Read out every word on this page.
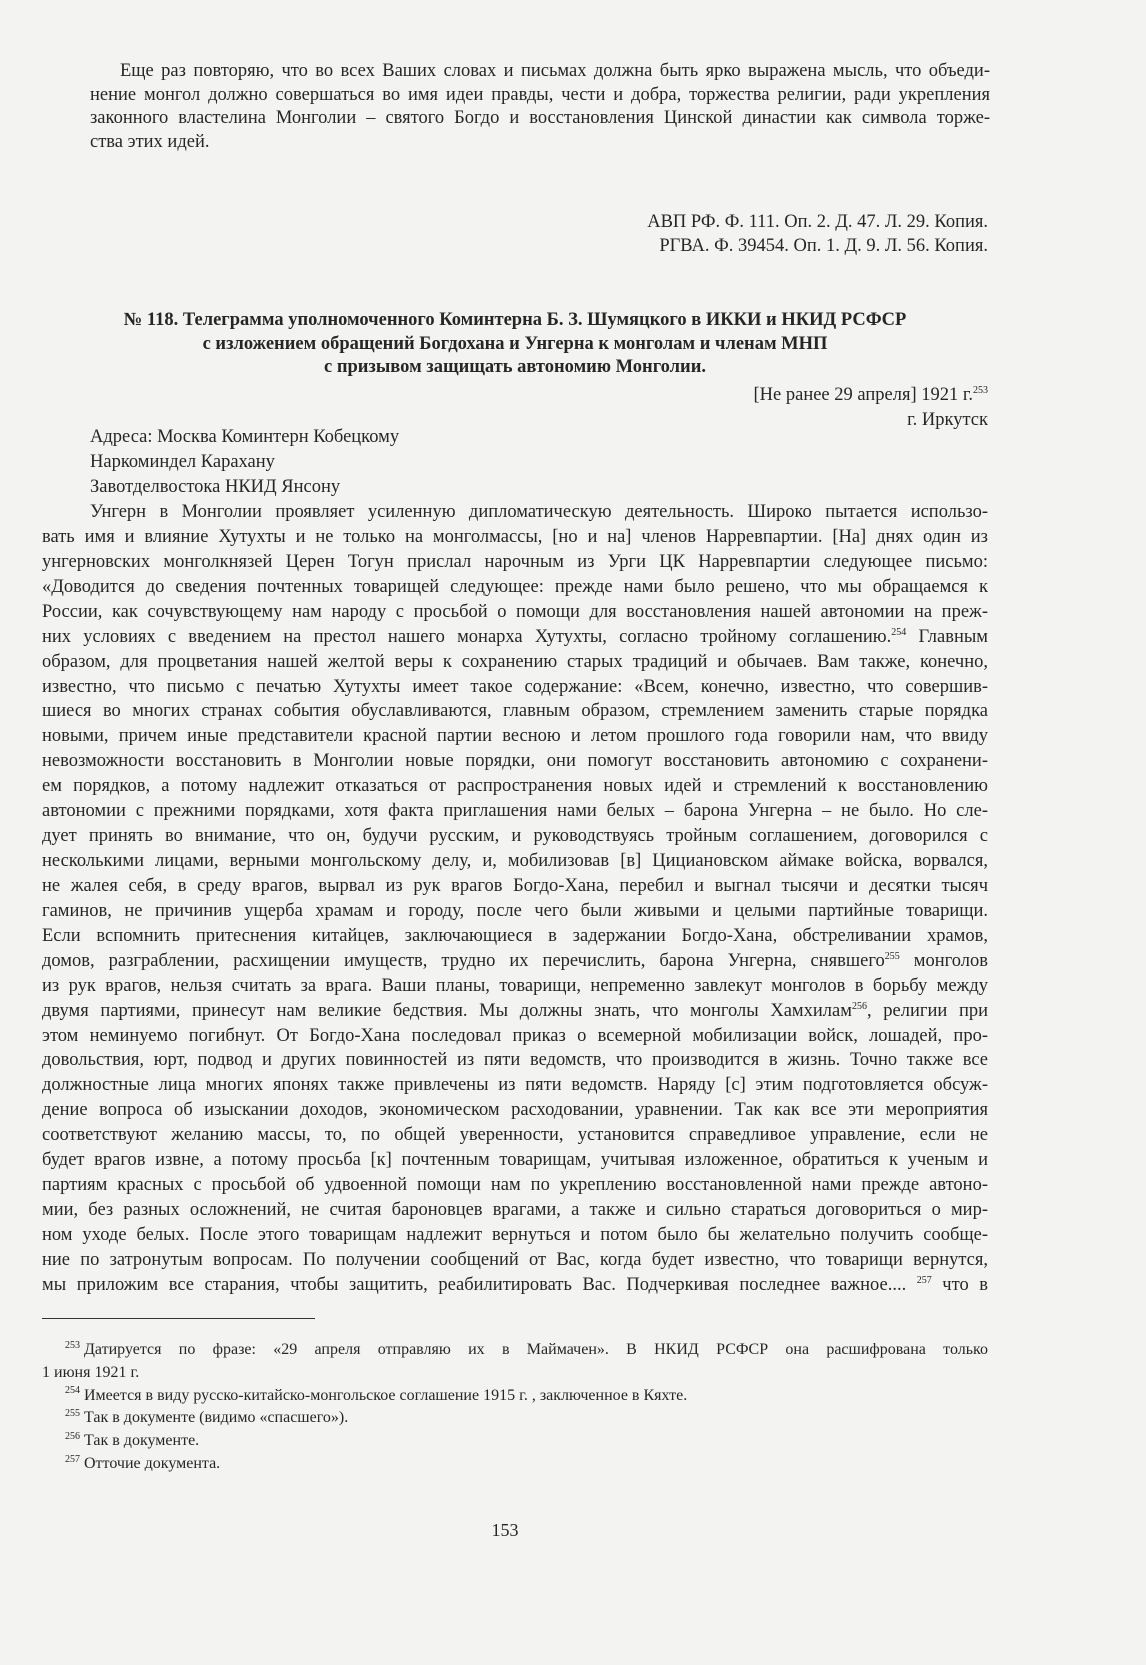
Еще раз повторяю, что во всех Ваших словах и письмах должна быть ярко выражена мысль, что объеди-
нение монгол должно совершаться во имя идеи правды, чести и добра, торжества религии, ради укрепления
законного властелина Монголии – святого Богдо и восстановления Цинской династии как символа торже-
ства этих идей.
АВП РФ. Ф. 111. Оп. 2. Д. 47. Л. 29. Копия.
РГВА. Ф. 39454. Оп. 1. Д. 9. Л. 56. Копия.
№ 118. Телеграмма уполномоченного Коминтерна Б. З. Шумяцкого в ИККИ и НКИД РСФСР
с изложением обращений Богдохана и Унгерна к монголам и членам МНП
с призывом защищать автономию Монголии.
[Не ранее 29 апреля] 1921 г.$^{253}$
г. Иркутск
Адреса: Москва Коминтерн Кобецкому
Наркоминдел Карахану
Завотделвостока НКИД Янсону
Унгерн в Монголии проявляет усиленную дипломатическую деятельность. Широко пытается использо-
вать имя и влияние Хутухты и не только на монголмассы, [но и на] членов Нарревпартии. [На] днях один из
унгерновских монголкнязей Церен Тогун прислал нарочным из Урги ЦК Нарревпартии следующее письмо:
«Доводится до сведения почтенных товарищей следующее: прежде нами было решено, что мы обращаемся к
России, как сочувствующему нам народу с просьбой о помощи для восстановления нашей автономии на преж-
них условиях с введением на престол нашего монарха Хутухты, согласно тройному соглашению.$^{254}$ Главным
образом, для процветания нашей желтой веры к сохранению старых традиций и обычаев. Вам также, конечно,
известно, что письмо с печатью Хутухты имеет такое содержание: «Всем, конечно, известно, что совершив-
шиеся во многих странах события обуславливаются, главным образом, стремлением заменить старые порядка
новыми, причем иные представители красной партии весною и летом прошлого года говорили нам, что ввиду
невозможности восстановить в Монголии новые порядки, они помогут восстановить автономию с сохранени-
ем порядков, а потому надлежит отказаться от распространения новых идей и стремлений к восстановлению
автономии с прежними порядками, хотя факта приглашения нами белых – барона Унгерна – не было. Но сле-
дует принять во внимание, что он, будучи русским, и руководствуясь тройным соглашением, договорился с
несколькими лицами, верными монгольскому делу, и, мобилизовав [в] Цициановском аймаке войска, ворвался,
не жалея себя, в среду врагов, вырвал из рук врагов Богдо-Хана, перебил и выгнал тысячи и десятки тысяч
гаминов, не причинив ущерба храмам и городу, после чего были живыми и целыми партийные товарищи.
Если вспомнить притеснения китайцев, заключающиеся в задержании Богдо-Хана, обстреливании храмов,
домов, разграблении, расхищении имуществ, трудно их перечислить, барона Унгерна, снявшего$^{255}$ монголов
из рук врагов, нельзя считать за врага. Ваши планы, товарищи, непременно завлекут монголов в борьбу между
двумя партиями, принесут нам великие бедствия. Мы должны знать, что монголы Хамхилам$^{256}$, религии при
этом неминуемо погибнут. От Богдо-Хана последовал приказ о всемерной мобилизации войск, лошадей, про-
довольствия, юрт, подвод и других повинностей из пяти ведомств, что производится в жизнь. Точно также все
должностные лица многих японях также привлечены из пяти ведомств. Наряду [с] этим подготовляется обсуж-
дение вопроса об изыскании доходов, экономическом расходовании, уравнении. Так как все эти мероприятия
соответствуют желанию массы, то, по общей уверенности, установится справедливое управление, если не
будет врагов извне, а потому просьба [к] почтенным товарищам, учитывая изложенное, обратиться к ученым и
партиям красных с просьбой об удвоенной помощи нам по укреплению восстановленной нами прежде автоно-
мии, без разных осложнений, не считая бароновцев врагами, а также и сильно стараться договориться о мир-
ном уходе белых. После этого товарищам надлежит вернуться и потом было бы желательно получить сообще-
ние по затронутым вопросам. По получении сообщений от Вас, когда будет известно, что товарищи вернутся,
мы приложим все старания, чтобы защитить, реабилитировать Вас. Подчеркивая последнее важное.... $^{257}$ что в
$^{253}$ Датируется по фразе: «29 апреля отправляю их в Маймачен». В НКИД РСФСР она расшифрована только
1 июня 1921 г.
$^{254}$ Имеется в виду русско-китайско-монгольское соглашение 1915 г. , заключенное в Кяхте.
$^{255}$ Так в документе (видимо «спасшего»).
$^{256}$ Так в документе.
$^{257}$ Отточие документа.
153
